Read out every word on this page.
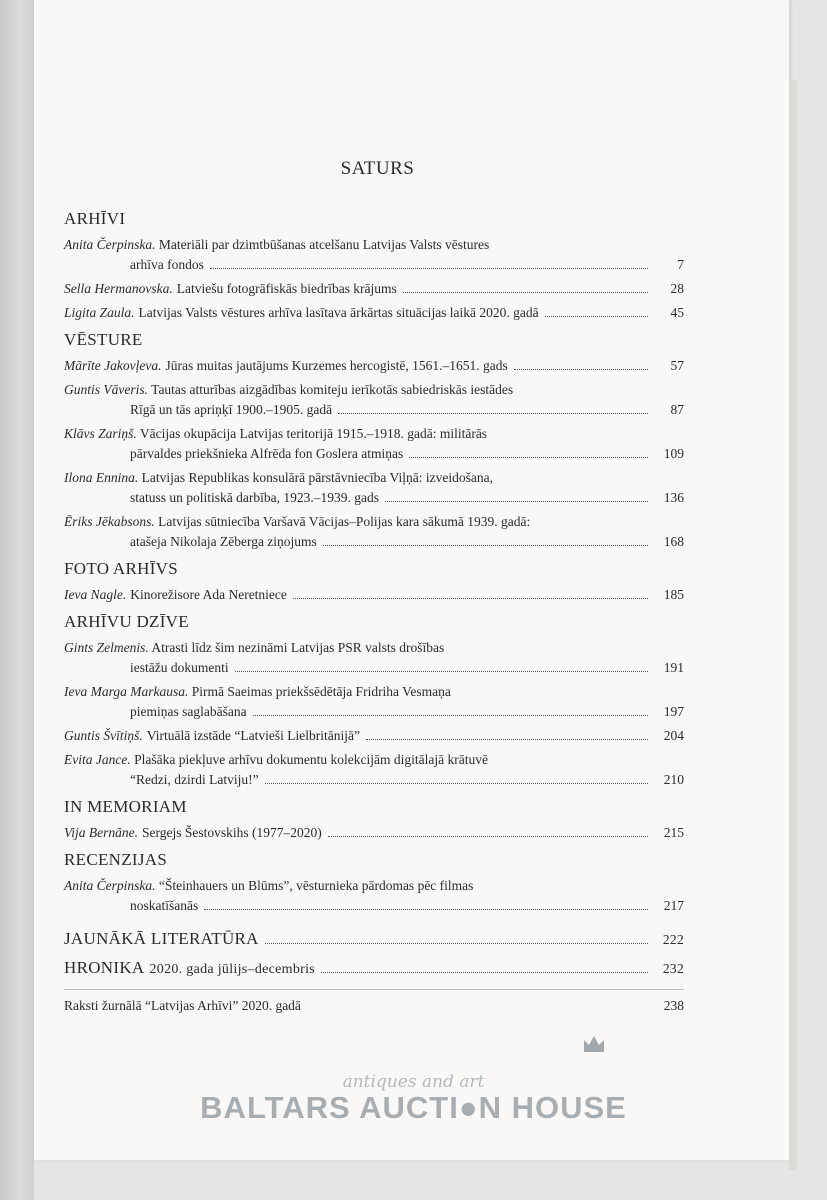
SATURS
ARHĪVI
Anita Čerpinska. Materiāli par dzimtbūšanas atcelšanu Latvijas Valsts vēstures
arhīva fondos	7
Sella Hermanovska. Latviešu fotogrāfiskās biedrības krājums	28
Ligita Zaula. Latvijas Valsts vēstures arhīva lasītava ārkārtas situācijas laikā 2020. gadā	45
VĒSTURE
Mārīte Jakovļeva. Jūras muitas jautājums Kurzemes hercogistē, 1561.–1651. gads	57
Guntis Vāveris. Tautas atturības aizgādības komiteju ierīkotās sabiedriskās iestādes
Rīgā un tās apriņķī 1900.–1905. gadā	87
Klāvs Zariņš. Vācijas okupācija Latvijas teritorijā 1915.–1918. gadā: militārās
pārvaldes priekšnieka Alfrēda fon Goslera atmiņas	109
Ilona Ennina. Latvijas Republikas konsulārā pārstāvniecība Viļņā: izveidošana,
statuss un politiskā darbība, 1923.–1939. gads	136
Ēriks Jēkabsons. Latvijas sūtniecība Varšavā Vācijas–Polijas kara sākumā 1939. gadā:
atašeja Nikolaja Zēberga ziņojums	168
FOTO ARHĪVS
Ieva Nagle. Kinorežisore Ada Neretniece	185
ARHĪVU DZĪVE
Gints Zelmenis. Atrasti līdz šim nezināmi Latvijas PSR valsts drošības
iestāžu dokumenti	191
Ieva Marga Markausa. Pirmā Saeimas priekšsēdētāja Fridriha Vesmaņa
piemiņas saglabāšana	197
Guntis Švītiņš. Virtuālā izstāde “Latvieši Lielbritānijā”	204
Evita Jance. Plašāka piekļuve arhīvu dokumentu kolekcijām digitālajā krātuvē
“Redzi, dzirdi Latviju!”	210
IN MEMORIAM
Vija Bernāne. Sergejs Šestovskihs (1977–2020)	215
RECENZIJAS
Anita Čerpinska. “Šteinhauers un Blūms”, vēsturnieka pārdomas pēc filmas
noskatīšanās	217
JAUNĀKĀ LITERATŪRA	222
HRONIKA 2020. gada jūlijs–decembris	232
Raksti žurnālā “Latvijas Arhīvi” 2020. gadā	238
antiques and art
BALTARS AUCTI●N HOUSE
